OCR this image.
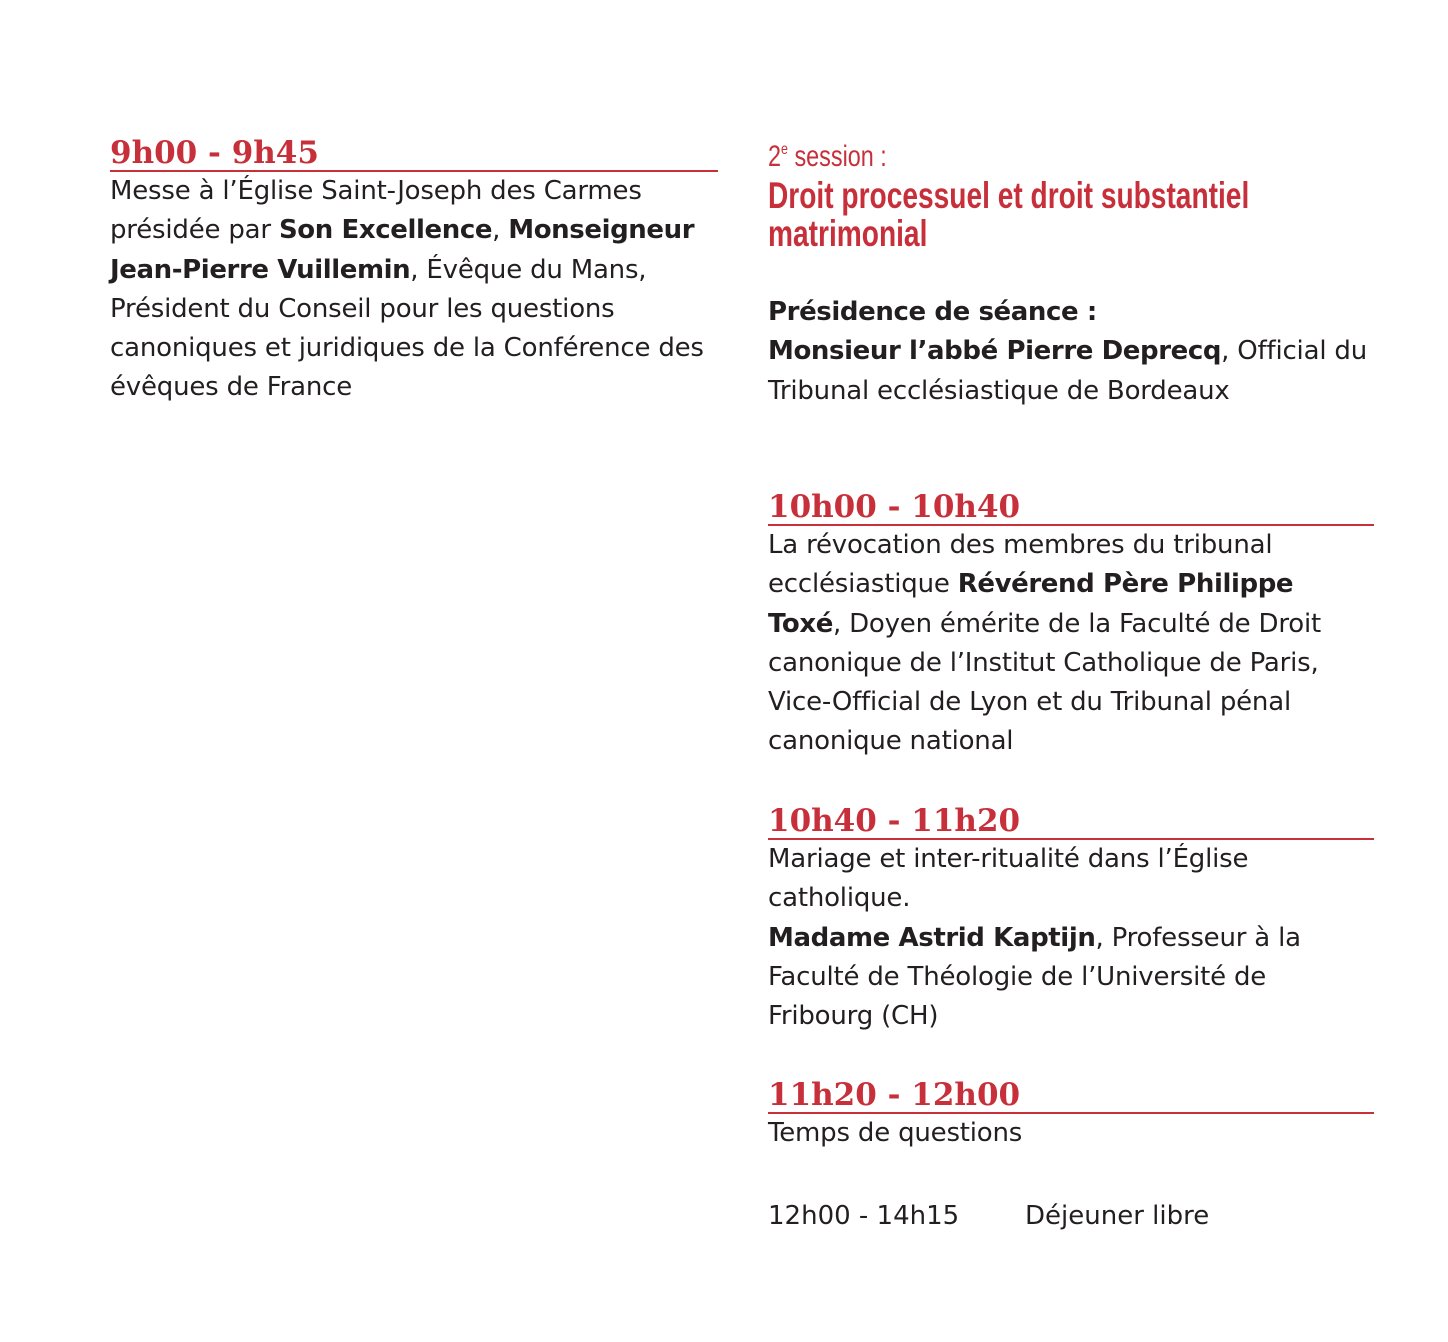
9h00 - 9h45

Messe à l’Église Saint-Joseph des Carmes présidée par Son Excellence, Monseigneur Jean-Pierre Vuillemin, Évêque du Mans, Président du Conseil pour les questions canoniques et juridiques de la Conférence des évêques de France

2e session :

Droit processuel et droit substantiel matrimonial

Présidence de séance :
Monsieur l’abbé Pierre Deprecq, Official du Tribunal ecclésiastique de Bordeaux

10h00 - 10h40

La révocation des membres du tribunal ecclésiastique Révérend Père Philippe Toxé, Doyen émérite de la Faculté de Droit canonique de l’Institut Catholique de Paris, Vice-Official de Lyon et du Tribunal pénal canonique national

10h40 - 11h20

Mariage et inter-ritualité dans l’Église catholique.
Madame Astrid Kaptijn, Professeur à la Faculté de Théologie de l’Université de Fribourg (CH)

11h20 - 12h00

Temps de questions

12h00 - 14h15	Déjeuner libre
